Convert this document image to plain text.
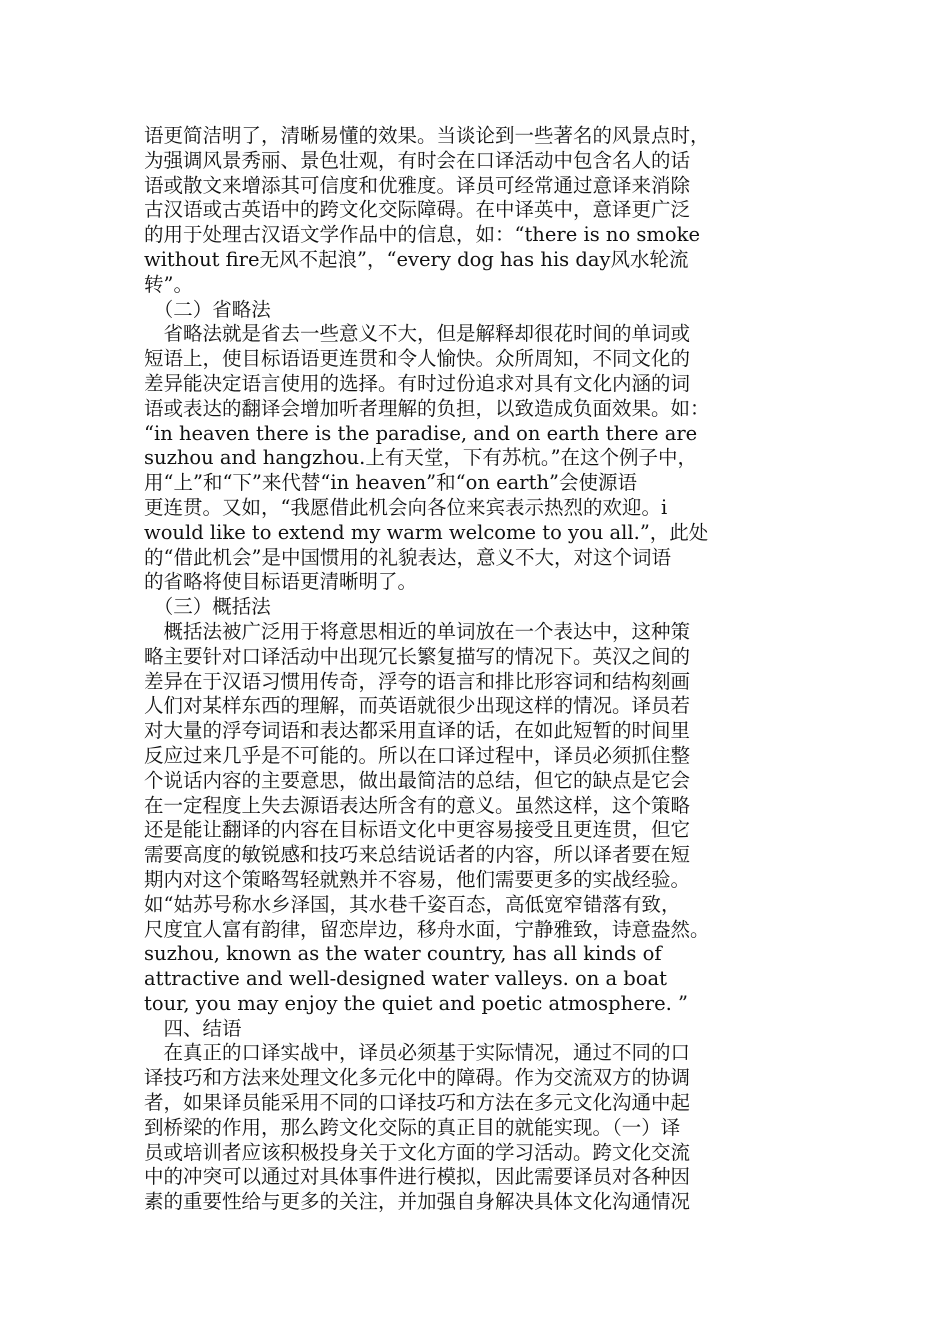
语更简洁明了，清晰易懂的效果。当谈论到一些著名的风景点时，
为强调风景秀丽、景色壮观，有时会在口译活动中包含名人的话
语或散文来增添其可信度和优雅度。译员可经常通过意译来消除
古汉语或古英语中的跨文化交际障碍。在中译英中，意译更广泛
的用于处理古汉语文学作品中的信息，如：“there is no smoke
without fire无风不起浪”，“every dog has his day风水轮流
转”。
　（二）省略法
　省略法就是省去一些意义不大，但是解释却很花时间的单词或
短语上，使目标语语更连贯和令人愉快。众所周知，不同文化的
差异能决定语言使用的选择。有时过份追求对具有文化内涵的词
语或表达的翻译会增加听者理解的负担，以致造成负面效果。如：
“in heaven there is the paradise, and on earth there are
suzhou and hangzhou.上有天堂，下有苏杭。”在这个例子中，
用“上”和“下”来代替“in heaven”和“on earth”会使源语
更连贯。又如，“我愿借此机会向各位来宾表示热烈的欢迎。i
would like to extend my warm welcome to you all.”，此处
的“借此机会”是中国惯用的礼貌表达，意义不大，对这个词语
的省略将使目标语更清晰明了。
　（三）概括法
　概括法被广泛用于将意思相近的单词放在一个表达中，这种策
略主要针对口译活动中出现冗长繁复描写的情况下。英汉之间的
差异在于汉语习惯用传奇，浮夸的语言和排比形容词和结构刻画
人们对某样东西的理解，而英语就很少出现这样的情况。译员若
对大量的浮夸词语和表达都采用直译的话，在如此短暂的时间里
反应过来几乎是不可能的。所以在口译过程中，译员必须抓住整
个说话内容的主要意思，做出最简洁的总结，但它的缺点是它会
在一定程度上失去源语表达所含有的意义。虽然这样，这个策略
还是能让翻译的内容在目标语文化中更容易接受且更连贯，但它
需要高度的敏锐感和技巧来总结说话者的内容，所以译者要在短
期内对这个策略驾轻就熟并不容易，他们需要更多的实战经验。
如“姑苏号称水乡泽国，其水巷千姿百态，高低宽窄错落有致，
尺度宜人富有韵律，留恋岸边，移舟水面，宁静雅致，诗意盎然。
suzhou, known as the water country, has all kinds of
attractive and well-designed water valleys. on a boat
tour, you may enjoy the quiet and poetic atmosphere. ”
　四、结语
　在真正的口译实战中，译员必须基于实际情况，通过不同的口
译技巧和方法来处理文化多元化中的障碍。作为交流双方的协调
者，如果译员能采用不同的口译技巧和方法在多元文化沟通中起
到桥梁的作用，那么跨文化交际的真正目的就能实现。（一）译
员或培训者应该积极投身关于文化方面的学习活动。跨文化交流
中的冲突可以通过对具体事件进行模拟，因此需要译员对各种因
素的重要性给与更多的关注，并加强自身解决具体文化沟通情况
